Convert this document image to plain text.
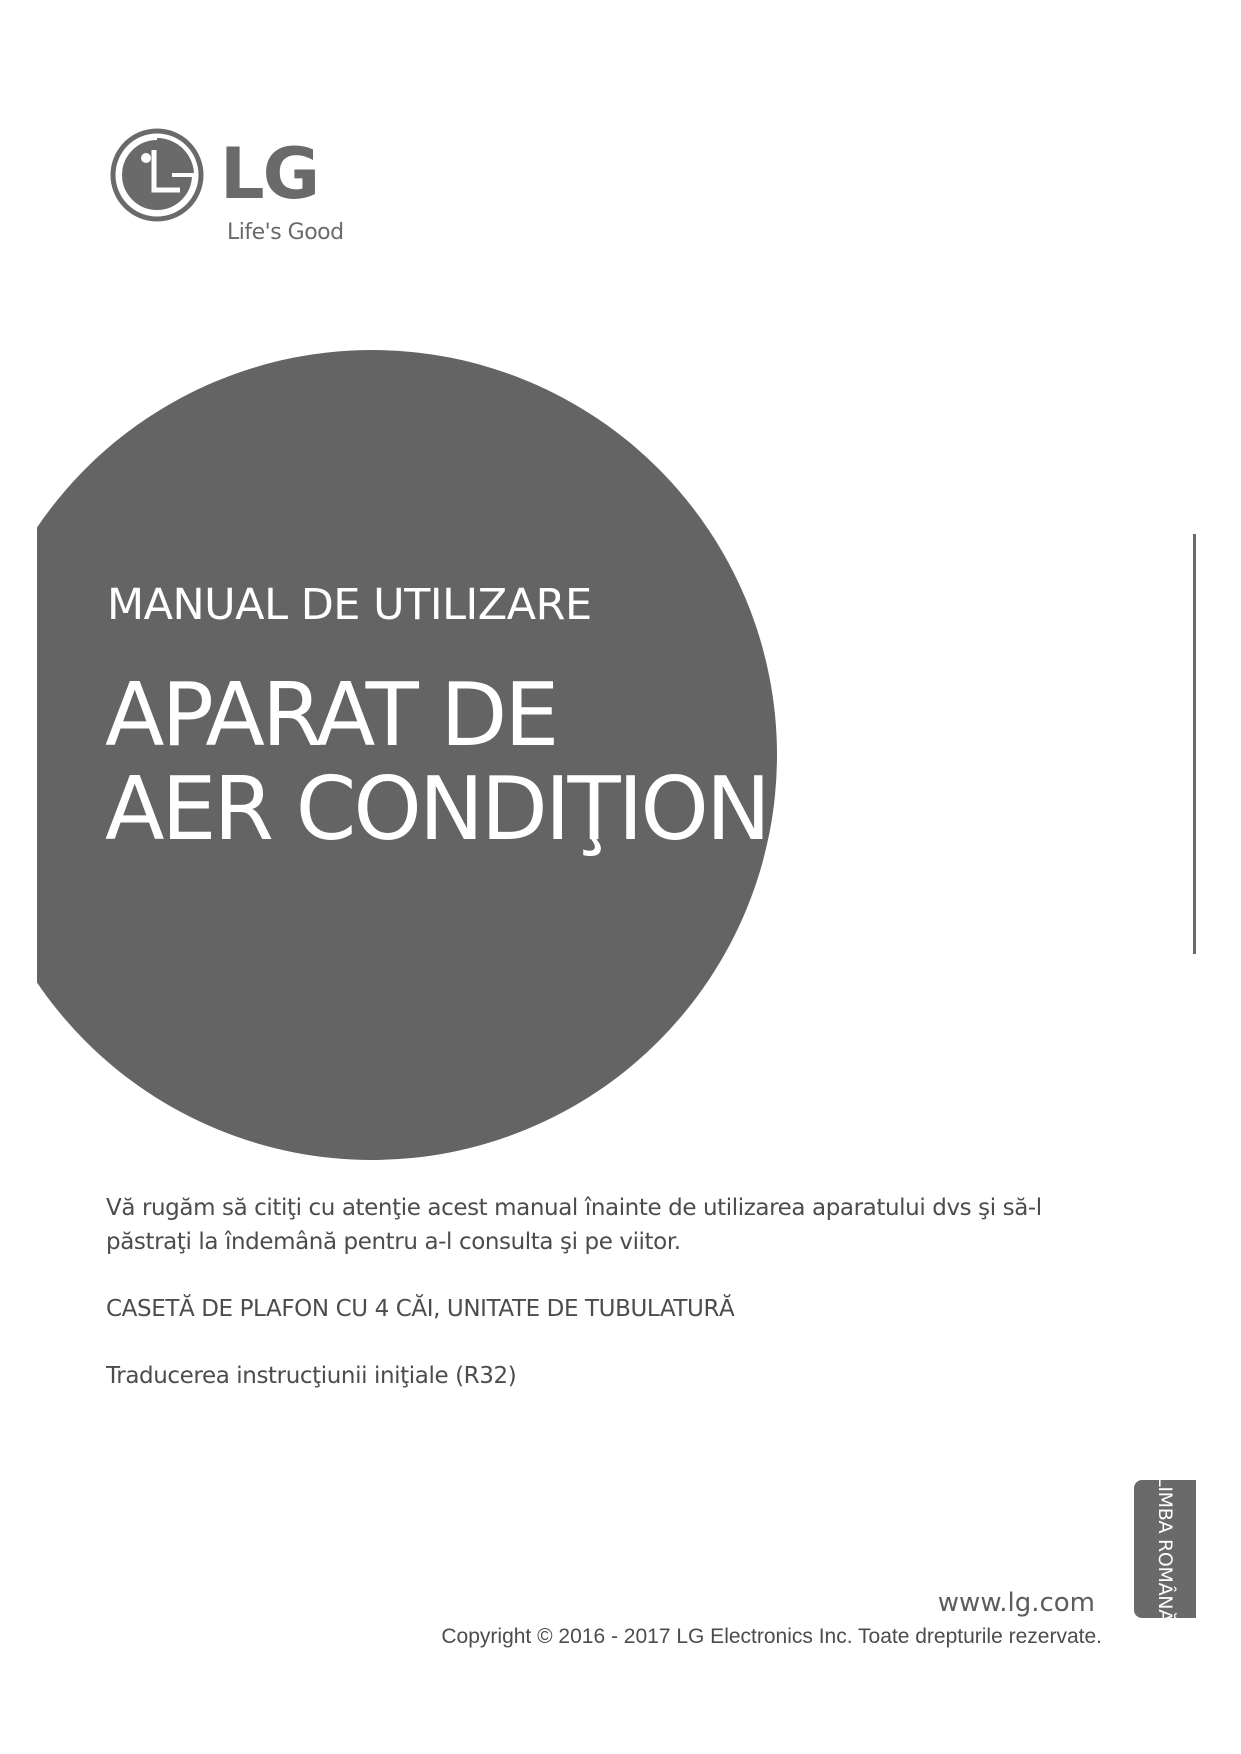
LG
Life's Good
MANUAL DE UTILIZARE
APARAT DE
AER CONDIŢIONAT
Vă rugăm să citiţi cu atenţie acest manual înainte de utilizarea aparatului dvs şi să-l păstraţi la îndemână pentru a-l consulta şi pe viitor.
CASETĂ DE PLAFON CU 4 CĂI, UNITATE DE TUBULATURĂ
Traducerea instrucţiunii iniţiale (R32)
LIMBA ROMÂNĂ
www.lg.com
Copyright © 2016 - 2017 LG Electronics Inc. Toate drepturile rezervate.
